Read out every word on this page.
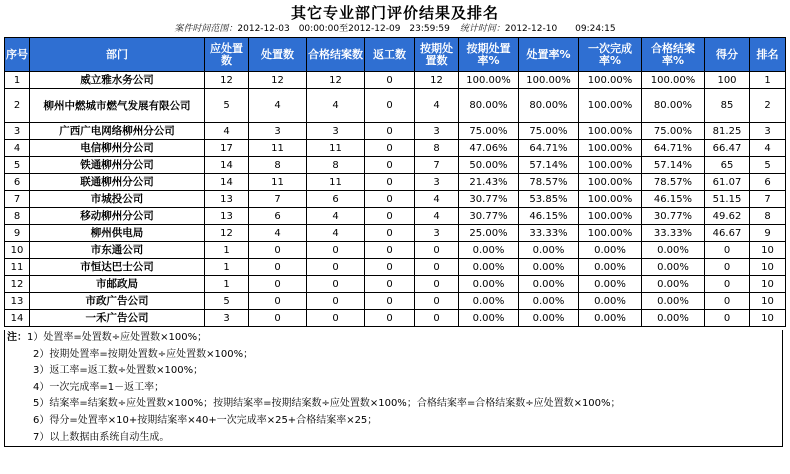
其它专业部门评价结果及排名
案件时间范围：2012-12-03　00:00:00至2012-12-09　23:59:59 统计时间：2012-12-10　　09:24:15
序号	部门	应处置数	处置数	合格结案数	返工数	按期处置数	按期处置率%	处置率%	一次完成率%	合格结案率%	得分	排名
1	威立雅水务公司	12	12	12	0	12	100.00%	100.00%	100.00%	100.00%	100	1
2	柳州中燃城市燃气发展有限公司	5	4	4	0	4	80.00%	80.00%	100.00%	80.00%	85	2
3	广西广电网络柳州分公司	4	3	3	0	3	75.00%	75.00%	100.00%	75.00%	81.25	3
4	电信柳州分公司	17	11	11	0	8	47.06%	64.71%	100.00%	64.71%	66.47	4
5	铁通柳州分公司	14	8	8	0	7	50.00%	57.14%	100.00%	57.14%	65	5
6	联通柳州分公司	14	11	11	0	3	21.43%	78.57%	100.00%	78.57%	61.07	6
7	市城投公司	13	7	6	0	4	30.77%	53.85%	100.00%	46.15%	51.15	7
8	移动柳州分公司	13	6	4	0	4	30.77%	46.15%	100.00%	30.77%	49.62	8
9	柳州供电局	12	4	4	0	3	25.00%	33.33%	100.00%	33.33%	46.67	9
10	市东通公司	1	0	0	0	0	0.00%	0.00%	0.00%	0.00%	0	10
11	市恒达巴士公司	1	0	0	0	0	0.00%	0.00%	0.00%	0.00%	0	10
12	市邮政局	1	0	0	0	0	0.00%	0.00%	0.00%	0.00%	0	10
13	市政广告公司	5	0	0	0	0	0.00%	0.00%	0.00%	0.00%	0	10
14	一禾广告公司	3	0	0	0	0	0.00%	0.00%	0.00%	0.00%	0	10
注：1）处置率=处置数÷应处置数×100%；
2）按期处置率=按期处置数÷应处置数×100%；
3）返工率=返工数÷处置数×100%；
4）一次完成率=1－返工率；
5）结案率=结案数÷应处置数×100%；按期结案率=按期结案数÷应处置数×100%；合格结案率=合格结案数÷应处置数×100%；
6）得分=处置率×10+按期结案率×40+一次完成率×25+合格结案率×25；
7）以上数据由系统自动生成。
